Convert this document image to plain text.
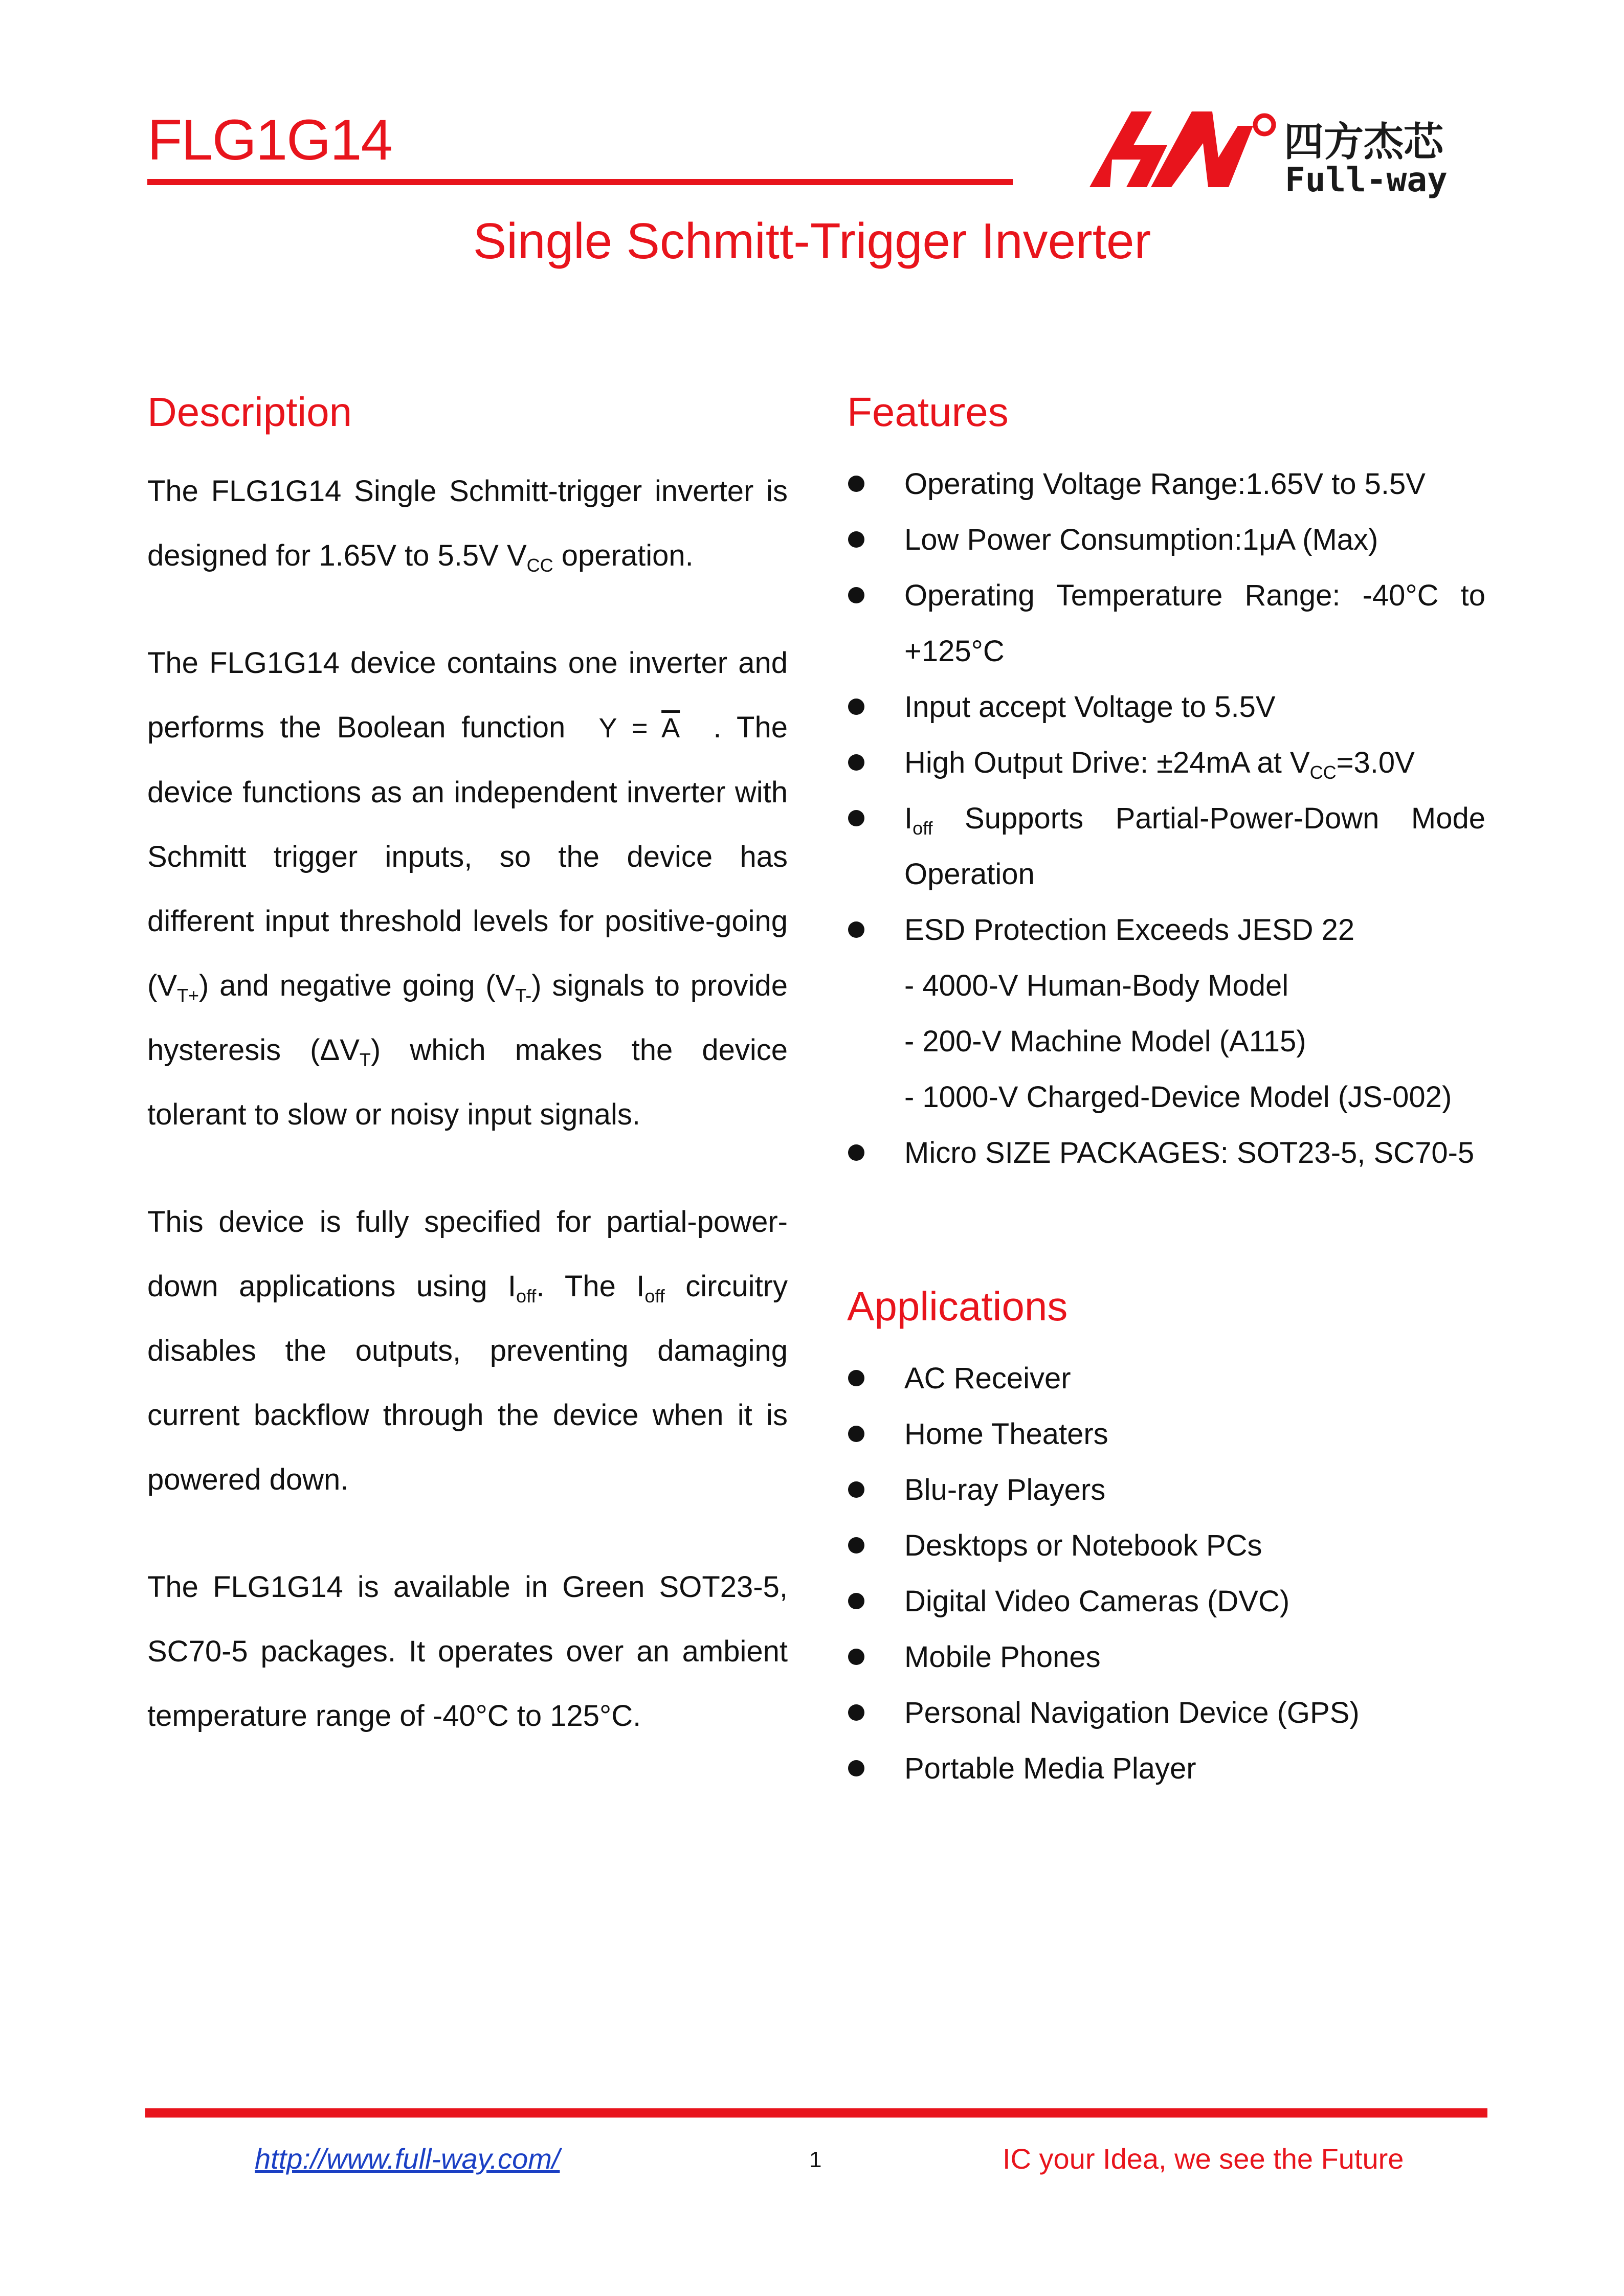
FLG1G14	四方杰芯
Full-way
Single Schmitt-Trigger Inverter
Description

The FLG1G14 Single Schmitt-trigger inverter is designed for 1.65V to 5.5V $V_{CC}$ operation.

The FLG1G14 device contains one inverter and performs the Boolean function $Y = \overline{A}$ . The device functions as an independent inverter with Schmitt trigger inputs, so the device has different input threshold levels for positive-going $(V_{T+})$ and negative going $(V_{T-})$ signals to provide hysteresis $(\Delta V_T)$ which makes the device tolerant to slow or noisy input signals.

This device is fully specified for partial-power-down applications using $I_{off}$. The $I_{off}$ circuitry disables the outputs, preventing damaging current backflow through the device when it is powered down.

The FLG1G14 is available in Green SOT23-5, SC70-5 packages. It operates over an ambient temperature range of -40°C to 125°C.

Features
Operating Voltage Range:1.65V to 5.5V
Low Power Consumption:1μA (Max)
Operating Temperature Range: -40°C to +125°C
Input accept Voltage to 5.5V
High Output Drive: ±24mA at $V_{CC}=3.0V$
$I_{off}$ Supports Partial-Power-Down Mode Operation
ESD Protection Exceeds JESD 22
- 4000-V Human-Body Model
- 200-V Machine Model (A115)
- 1000-V Charged-Device Model (JS-002)
Micro SIZE PACKAGES: SOT23-5, SC70-5
Applications
AC Receiver
Home Theaters
Blu-ray Players
Desktops or Notebook PCs
Digital Video Cameras (DVC)
Mobile Phones
Personal Navigation Device (GPS)
Portable Media Player
http://www.full-way.com/	1	IC your Idea, we see the Future
